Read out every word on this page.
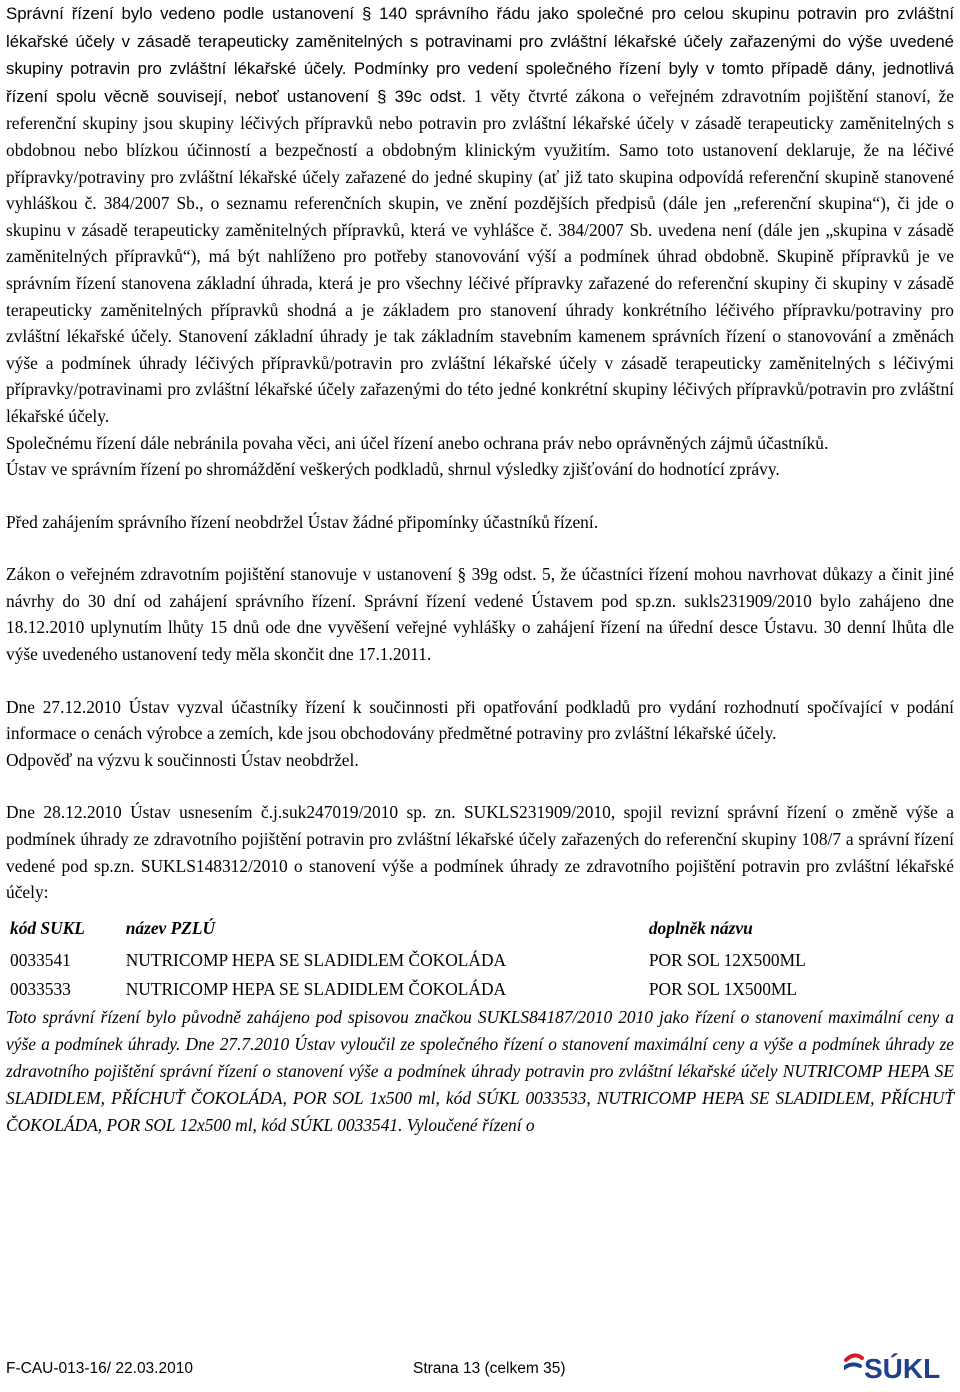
Správní řízení bylo vedeno podle ustanovení § 140 správního řádu jako společné pro celou skupinu potravin pro zvláštní lékařské účely v zásadě terapeuticky zaměnitelných s potravinami pro zvláštní lékařské účely zařazenými do výše uvedené skupiny potravin pro zvláštní lékařské účely. Podmínky pro vedení společného řízení byly v tomto případě dány, jednotlivá řízení spolu věcně souvisejí, neboť ustanovení § 39c odst. 1 věty čtvrté zákona o veřejném zdravotním pojištění stanoví, že referenční skupiny jsou skupiny léčivých přípravků nebo potravin pro zvláštní lékařské účely v zásadě terapeuticky zaměnitelných s obdobnou nebo blízkou účinností a bezpečností a obdobným klinickým využitím. Samo toto ustanovení deklaruje, že na léčivé přípravky/potraviny pro zvláštní lékařské účely zařazené do jedné skupiny (ať již tato skupina odpovídá referenční skupině stanovené vyhláškou č. 384/2007 Sb., o seznamu referenčních skupin, ve znění pozdějších předpisů (dále jen „referenční skupina“), či jde o skupinu v zásadě terapeuticky zaměnitelných přípravků, která ve vyhlášce č. 384/2007 Sb. uvedena není (dále jen „skupina v zásadě zaměnitelných přípravků“), má být nahlíženo pro potřeby stanovování výší a podmínek úhrad obdobně. Skupině přípravků je ve správním řízení stanovena základní úhrada, která je pro všechny léčivé přípravky zařazené do referenční skupiny či skupiny v zásadě terapeuticky zaměnitelných přípravků shodná a je základem pro stanovení úhrady konkrétního léčivého přípravku/potraviny pro zvláštní lékařské účely. Stanovení základní úhrady je tak základním stavebním kamenem správních řízení o stanovování a změnách výše a podmínek úhrady léčivých přípravků/potravin pro zvláštní lékařské účely v zásadě terapeuticky zaměnitelných s léčivými přípravky/potravinami pro zvláštní lékařské účely zařazenými do této jedné konkrétní skupiny léčivých přípravků/potravin pro zvláštní lékařské účely.

Společnému řízení dále nebránila povaha věci, ani účel řízení anebo ochrana práv nebo oprávněných zájmů účastníků.

Ústav ve správním řízení po shromáždění veškerých podkladů, shrnul výsledky zjišťování do hodnotící zprávy.

Před zahájením správního řízení neobdržel Ústav žádné připomínky účastníků řízení.

Zákon o veřejném zdravotním pojištění stanovuje v ustanovení § 39g odst. 5, že účastníci řízení mohou navrhovat důkazy a činit jiné návrhy do 30 dní od zahájení správního řízení. Správní řízení vedené Ústavem pod sp.zn. sukls231909/2010 bylo zahájeno dne 18.12.2010 uplynutím lhůty 15 dnů ode dne vyvěšení veřejné vyhlášky o zahájení řízení na úřední desce Ústavu. 30 denní lhůta dle výše uvedeného ustanovení tedy měla skončit dne 17.1.2011.

Dne 27.12.2010 Ústav vyzval účastníky řízení k součinnosti při opatřování podkladů pro vydání rozhodnutí spočívající v podání informace o cenách výrobce a zemích, kde jsou obchodovány předmětné potraviny pro zvláštní lékařské účely.

Odpověď na výzvu k součinnosti Ústav neobdržel.

Dne 28.12.2010 Ústav usnesením č.j.suk247019/2010 sp. zn. SUKLS231909/2010, spojil revizní správní řízení o změně výše a podmínek úhrady ze zdravotního pojištění potravin pro zvláštní lékařské účely zařazených do referenční skupiny 108/7 a správní řízení vedené pod sp.zn. SUKLS148312/2010 o stanovení výše a podmínek úhrady ze zdravotního pojištění potravin pro zvláštní lékařské účely:

kód SUKL	název PZLÚ	doplněk názvu
0033541	NUTRICOMP HEPA SE SLADIDLEM ČOKOLÁDA	POR SOL 12X500ML
0033533	NUTRICOMP HEPA SE SLADIDLEM ČOKOLÁDA	POR SOL 1X500ML

Toto správní řízení bylo původně zahájeno pod spisovou značkou SUKLS84187/2010 2010 jako řízení o stanovení maximální ceny a výše a podmínek úhrady. Dne 27.7.2010 Ústav vyloučil ze společného řízení o stanovení maximální ceny a výše a podmínek úhrady ze zdravotního pojištění správní řízení o stanovení výše a podmínek úhrady potravin pro zvláštní lékařské účely NUTRICOMP HEPA SE SLADIDLEM, PŘÍCHUŤ ČOKOLÁDA, POR SOL 1x500 ml, kód SÚKL 0033533, NUTRICOMP HEPA SE SLADIDLEM, PŘÍCHUŤ ČOKOLÁDA, POR SOL 12x500 ml, kód SÚKL 0033541. Vyloučené řízení o

F-CAU-013-16/ 22.03.2010	Strana 13 (celkem 35)	SÚKL
